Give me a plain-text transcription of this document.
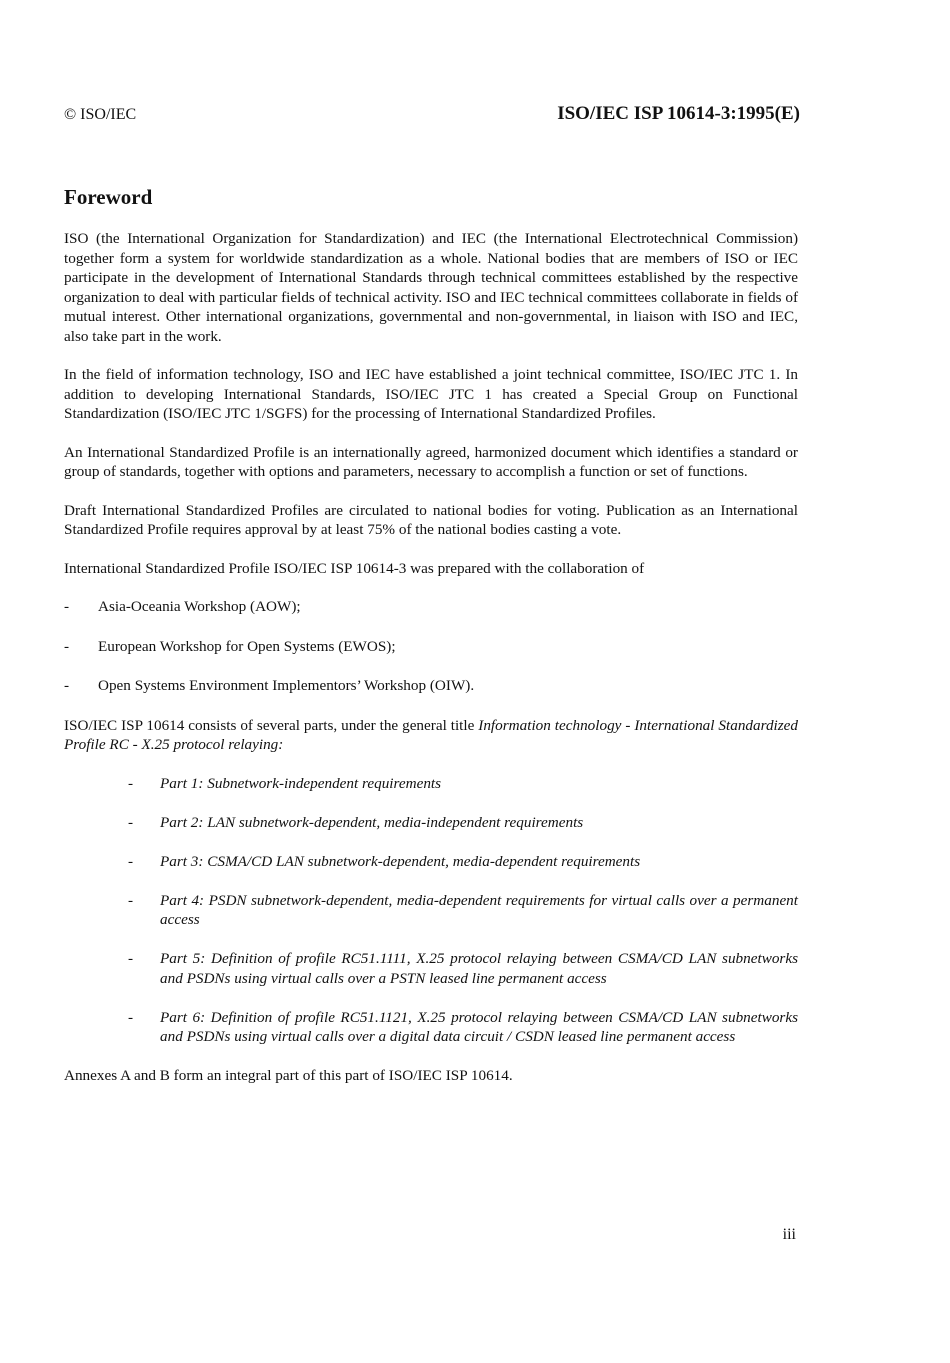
© ISO/IEC	ISO/IEC ISP 10614-3:1995(E)
Foreword

ISO (the International Organization for Standardization) and IEC (the International Electrotechnical Commission) together form a system for worldwide standardization as a whole. National bodies that are members of ISO or IEC participate in the development of International Standards through technical committees established by the respective organization to deal with particular fields of technical activity. ISO and IEC technical committees collaborate in fields of mutual interest. Other international organizations, governmental and non-governmental, in liaison with ISO and IEC, also take part in the work.

In the field of information technology, ISO and IEC have established a joint technical committee, ISO/IEC JTC 1. In addition to developing International Standards, ISO/IEC JTC 1 has created a Special Group on Functional Standardization (ISO/IEC JTC 1/SGFS) for the processing of International Standardized Profiles.

An International Standardized Profile is an internationally agreed, harmonized document which identifies a standard or group of standards, together with options and parameters, necessary to accomplish a function or set of functions.

Draft International Standardized Profiles are circulated to national bodies for voting. Publication as an International Standardized Profile requires approval by at least 75% of the national bodies casting a vote.

International Standardized Profile ISO/IEC ISP 10614-3 was prepared with the collaboration of

- Asia-Oceania Workshop (AOW);
- European Workshop for Open Systems (EWOS);
- Open Systems Environment Implementors’ Workshop (OIW).

ISO/IEC ISP 10614 consists of several parts, under the general title Information technology - International Standardized Profile RC - X.25 protocol relaying:

- Part 1: Subnetwork-independent requirements
- Part 2: LAN subnetwork-dependent, media-independent requirements
- Part 3: CSMA/CD LAN subnetwork-dependent, media-dependent requirements
- Part 4: PSDN subnetwork-dependent, media-dependent requirements for virtual calls over a permanent access
- Part 5: Definition of profile RC51.1111, X.25 protocol relaying between CSMA/CD LAN subnetworks and PSDNs using virtual calls over a PSTN leased line permanent access
- Part 6: Definition of profile RC51.1121, X.25 protocol relaying between CSMA/CD LAN subnetworks and PSDNs using virtual calls over a digital data circuit / CSDN leased line permanent access

Annexes A and B form an integral part of this part of ISO/IEC ISP 10614.

iii
